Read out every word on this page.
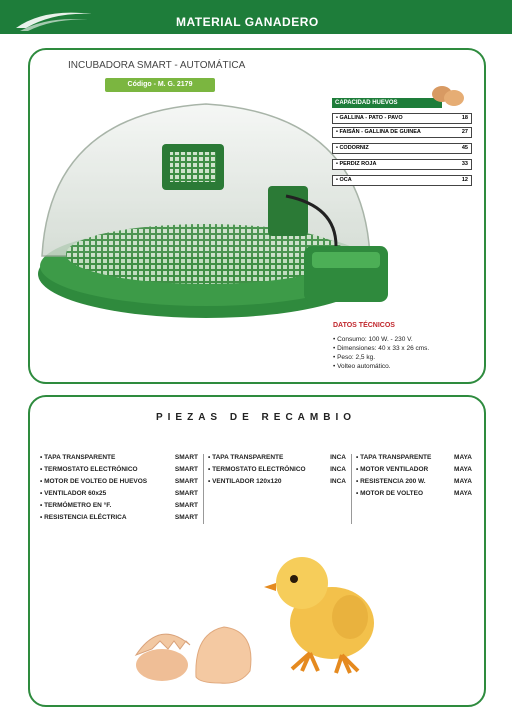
MATERIAL GANADERO
INCUBADORA SMART - AUTOMÁTICA
Código - M. G. 2179
CAPACIDAD HUEVOS
• GALLINA - PATO - PAVO	18
• FAISÁN - GALLINA DE GUINEA	27
• CODORNIZ	45
• PERDIZ ROJA	33
• OCA	12
DATOS TÉCNICOS
• Consumo: 100 W. - 230 V.
• Dimensiones: 40 x 33 x 26 cms.
• Peso: 2,5 kg.
• Volteo automático.
PIEZAS DE RECAMBIO
• TAPA TRANSPARENTE	SMART
• TERMOSTATO ELECTRÓNICO	SMART
• MOTOR DE VOLTEO DE HUEVOS	SMART
• VENTILADOR 60x25	SMART
• TERMÓMETRO EN °F.	SMART
• RESISTENCIA ELÉCTRICA	SMART
• TAPA TRANSPARENTE	INCA
• TERMOSTATO ELECTRÓNICO	INCA
• VENTILADOR 120x120	INCA
• TAPA TRANSPARENTE	MAYA
• MOTOR VENTILADOR	MAYA
• RESISTENCIA 200 W.	MAYA
• MOTOR DE VOLTEO	MAYA
